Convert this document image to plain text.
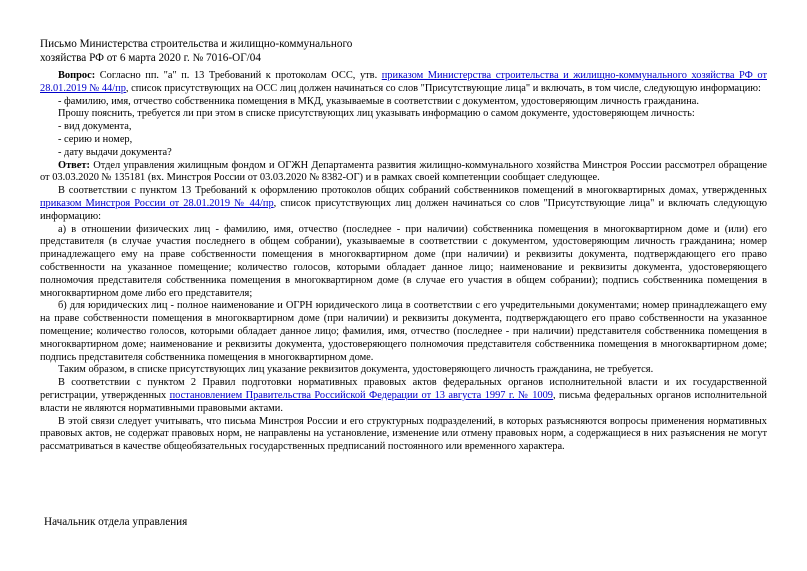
Письмо Министерства строительства и жилищно-коммунального
хозяйства РФ от 6 марта 2020 г. № 7016-ОГ/04

Вопрос: Согласно пп. "а" п. 13 Требований к протоколам ОСС, утв. приказом Министерства строительства и жилищно-коммунального хозяйства РФ от 28.01.2019 № 44/пр, список присутствующих на ОСС лиц должен начинаться со слов "Присутствующие лица" и включать, в том числе, следующую информацию:

- фамилию, имя, отчество собственника помещения в МКД, указываемые в соответствии с документом, удостоверяющим личность гражданина.

Прошу пояснить, требуется ли при этом в списке присутствующих лиц указывать информацию о самом документе, удостоверяющем личность:

- вид документа,

- серию и номер,

- дату выдачи документа?

Ответ: Отдел управления жилищным фондом и ОГЖН Департамента развития жилищно-коммунального хозяйства Минстроя России рассмотрел обращение от 03.03.2020 № 135181 (вх. Минстроя России от 03.03.2020 № 8382-ОГ) и в рамках своей компетенции сообщает следующее.

В соответствии с пунктом 13 Требований к оформлению протоколов общих собраний собственников помещений в многоквартирных домах, утвержденных приказом Минстроя России от 28.01.2019 № 44/пр, список присутствующих лиц должен начинаться со слов "Присутствующие лица" и включать следующую информацию:

а) в отношении физических лиц - фамилию, имя, отчество (последнее - при наличии) собственника помещения в многоквартирном доме и (или) его представителя (в случае участия последнего в общем собрании), указываемые в соответствии с документом, удостоверяющим личность гражданина; номер принадлежащего ему на праве собственности помещения в многоквартирном доме (при наличии) и реквизиты документа, подтверждающего его право собственности на указанное помещение; количество голосов, которыми обладает данное лицо; наименование и реквизиты документа, удостоверяющего полномочия представителя собственника помещения в многоквартирном доме (в случае его участия в общем собрании); подпись собственника помещения в многоквартирном доме либо его представителя;

б) для юридических лиц - полное наименование и ОГРН юридического лица в соответствии с его учредительными документами; номер принадлежащего ему на праве собственности помещения в многоквартирном доме (при наличии) и реквизиты документа, подтверждающего его право собственности на указанное помещение; количество голосов, которыми обладает данное лицо; фамилия, имя, отчество (последнее - при наличии) представителя собственника помещения в многоквартирном доме; наименование и реквизиты документа, удостоверяющего полномочия представителя собственника помещения в многоквартирном доме; подпись представителя собственника помещения в многоквартирном доме.

Таким образом, в списке присутствующих лиц указание реквизитов документа, удостоверяющего личность гражданина, не требуется.

В соответствии с пунктом 2 Правил подготовки нормативных правовых актов федеральных органов исполнительной власти и их государственной регистрации, утвержденных постановлением Правительства Российской Федерации от 13 августа 1997 г. № 1009, письма федеральных органов исполнительной власти не являются нормативными правовыми актами.

В этой связи следует учитывать, что письма Минстроя России и его структурных подразделений, в которых разъясняются вопросы применения нормативных правовых актов, не содержат правовых норм, не направлены на установление, изменение или отмену правовых норм, а содержащиеся в них разъяснения не могут рассматриваться в качестве общеобязательных государственных предписаний постоянного или временного характера.

Начальник отдела управления
